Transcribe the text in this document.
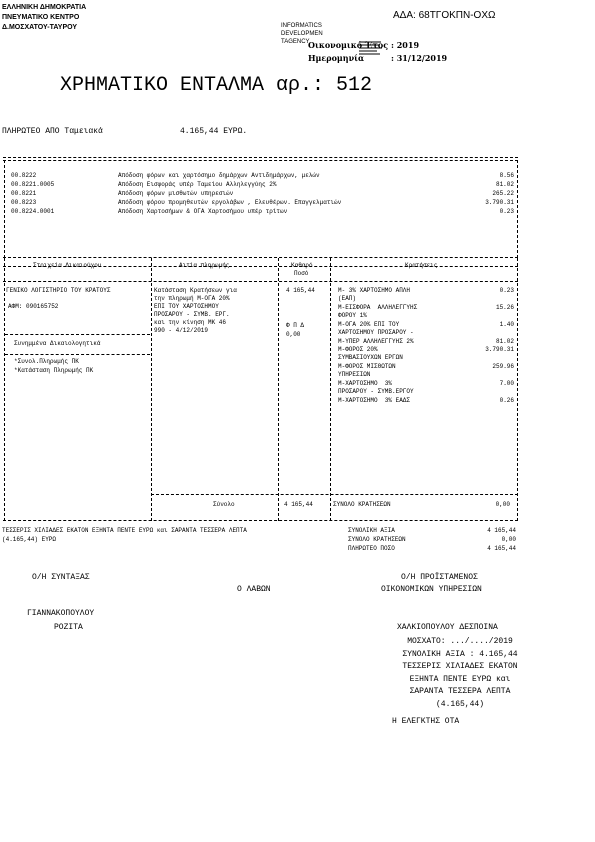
ΕΛΛΗΝΙΚΗ ΔΗΜΟΚΡΑΤΙΑ
ΠΝΕΥΜΑΤΙΚΟ ΚΕΝΤΡΟ
Δ.ΜΟΣΧΑΤΟΥ-ΤΑΥΡΟΥ
ΑΔΑ: 68ΤΓΟΚΠΝ-ΟΧΩ
INFORMATICS
DEVELOPMEN
TAGENCY

Οικονομικό Έτος : 2019
Ημερομηνία	: 31/12/2019
ΧΡΗΜΑΤΙΚΟ ΕΝΤΑΛΜΑ αρ.: 512
ΠΛΗΡΩΤΕΟ ΑΠΟ Ταμειακά	4.165,44 ΕΥΡΩ.
00.8222	Απόδοση φόρων και χαρτόσημο δημάρχων Αντιδημάρχων, μελών	8.56
00.8221.0005	Απόδοση Εισφοράς υπέρ Ταμείου Αλληλεγγύης 2%	81.02
00.8221	Απόδοση φόρων μισθωτών υπηρεσιών	265.22
00.8223	Απόδοση φόρου προμηθευτών εργολάβων , Ελευθέρων. Επαγγελματιών	3.790.31
00.8224.0001	Απόδοση Χαρτοσήμων & ΟΓΑ Χαρτοσήμου υπέρ τρίτων	0.23
Στοιχεία Δικαιούχου	Αιτία πληρωμής	Καθαρό
Ποσό
Κρατήσεις
ΓΕΝΙΚΟ ΛΟΓΙΣΤΗΡΙΟ ΤΟΥ ΚΡΑΤΟΥΣ
ΑΦΜ: 090165752
Συνημμένα Δικαιολογητικά
*Συνολ.Πληρωμής ΠΚ
*Κατάσταση Πληρωμής ΠΚ
Κατάσταση Κρατήσεων για
την πληρωμή Μ-ΟΓΑ 20%
ΕΠΙ ΤΟΥ ΧΑΡΤΟΣΗΜΟΥ
ΠΡΟΣΑΡΟΥ - ΣΥΜΒ. ΕΡΓ.
και την κίνηση ΜΚ 46
990 - 4/12/2019
4 165,44
Φ Π Δ
0,00
Μ- 3% ΧΑΡΤΟΣΗΜΟ ΑΠΛΗ	0.23
(ΕΑΠ)
Μ-ΕΙΣΦΟΡΑ  ΑΛΛΗΛΕΓΓΥΗΣ	15.26
ΦΟΡΟΥ 1%
Μ-ΟΓΑ 20% ΕΠΙ ΤΟΥ	1.40
ΧΑΡΤΟΣΗΜΟΥ ΠΡΟΣΑΡΟΥ -
Μ-ΥΠΕΡ ΑΛΛΗΛΕΓΓΥΗΣ 2%	81.02
Μ-ΦΟΡΟΣ 20%	3.790.31
ΣΥΜΒΑΣΙΟΥΧΩΝ ΕΡΓΩΝ
Μ-ΦΟΡΟΣ ΜΙΣΘΩΤΩΝ	259.96
ΥΠΗΡΕΣΙΩΝ
Μ-ΧΑΡΤΟΣΗΜΟ  3%	7.00
ΠΡΟΣΑΡΟΥ - ΣΥΜΒ.ΕΡΓΟΥ
Μ-ΧΑΡΤΟΣΗΜΟ  3% ΕΑΔΣ	0.26
Σύνολο	4 165,44	ΣΥΝΟΛΟ ΚΡΑΤΗΣΕΩΝ	0,00
ΤΕΣΣΕΡΙΣ ΧΙΛΙΑΔΕΣ ΕΚΑΤΟΝ ΕΞΗΝΤΑ ΠΕΝΤΕ ΕΥΡΩ και ΣΑΡΑΝΤΑ ΤΕΣΣΕΡΑ ΛΕΠΤΑ
(4.165,44) ΕΥΡΩ
ΣΥΝΟΛΙΚΗ ΑΞΙΑ	4 165,44
ΣΥΝΟΛΟ ΚΡΑΤΗΣΕΩΝ	0,00
ΠΛΗΡΩΤΕΟ ΠΟΣΟ	4 165,44
Ο/Η ΣΥΝΤΑΞΑΣ
Ο ΛΑΒΩΝ
Ο/Η ΠΡΟΪΣΤΑΜΕΝΟΣ
ΟΙΚΟΝΟΜΙΚΩΝ ΥΠΗΡΕΣΙΩΝ
ΓΙΑΝΝΑΚΟΠΟΥΛΟΥ
ΡΟΖΙΤΑ	ΧΑΛΚΙΟΠΟΥΛΟΥ ΔΕΣΠΟΙΝΑ
ΜΟΣΧΑΤΟ: .../..../2019
ΣΥΝΟΛΙΚΗ ΑΞΙΑ : 4.165,44
ΤΕΣΣΕΡΙΣ ΧΙΛΙΑΔΕΣ ΕΚΑΤΟΝ
ΕΞΗΝΤΑ ΠΕΝΤΕ ΕΥΡΩ και
ΣΑΡΑΝΤΑ ΤΕΣΣΕΡΑ ΛΕΠΤΑ
(4.165,44)
Η ΕΛΕΓΚΤΗΣ ΟΤΑ
